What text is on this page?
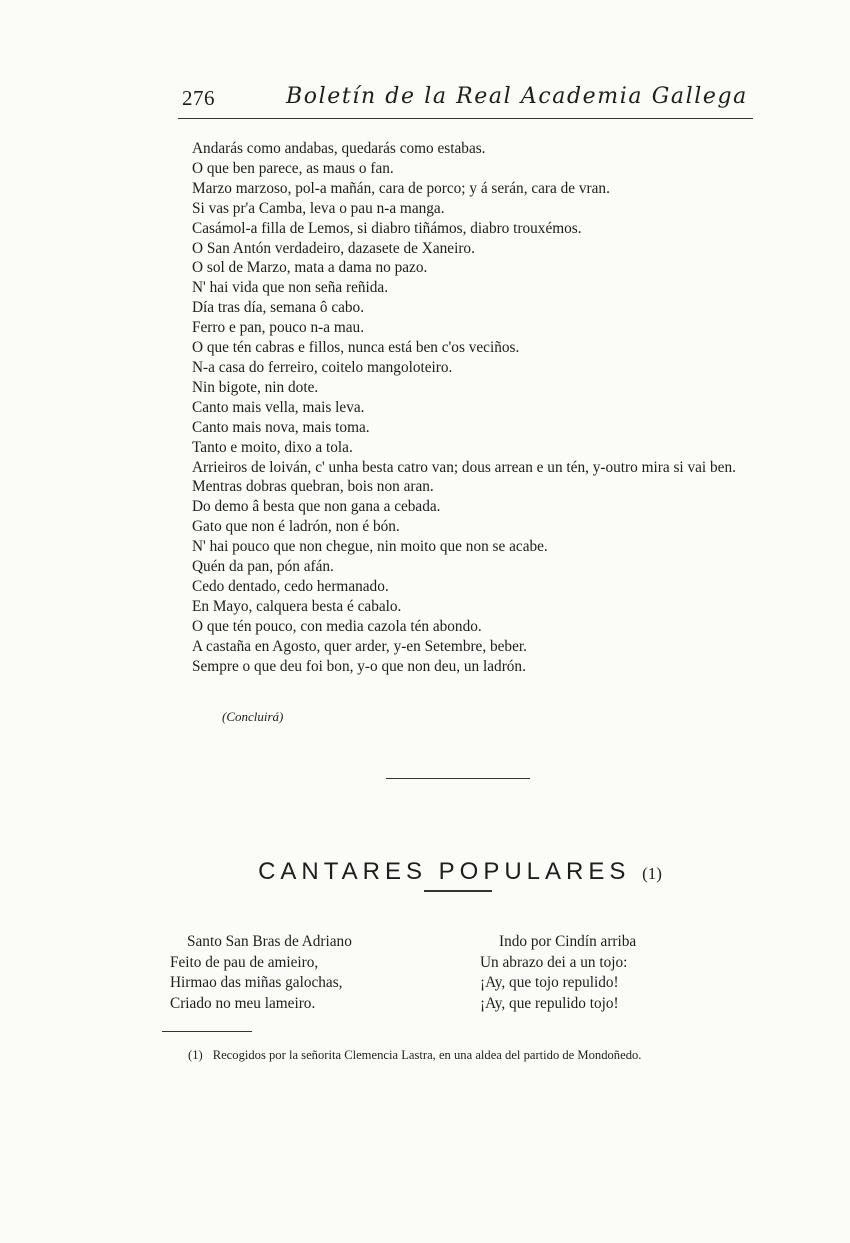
276	Boletín de la Real Academia Gallega
Andarás como andabas, quedarás como estabas.
O que ben parece, as maus o fan.
Marzo marzoso, pol-a mañán, cara de porco; y á serán, cara de vran.
Si vas pr'a Camba, leva o pau n-a manga.
Casámol-a filla de Lemos, si diabro tiñámos, diabro trouxémos.
O San Antón verdadeiro, dazasete de Xaneiro.
O sol de Marzo, mata a dama no pazo.
N' hai vida que non seña reñida.
Día tras día, semana ô cabo.
Ferro e pan, pouco n-a mau.
O que tén cabras e fillos, nunca está ben c'os veciños.
N-a casa do ferreiro, coitelo mangoloteiro.
Nin bigote, nin dote.
Canto mais vella, mais leva.
Canto mais nova, mais toma.
Tanto e moito, dixo a tola.
Arrieiros de loiván, c' unha besta catro van; dous arrean e un tén, y-outro mira si vai ben.
Mentras dobras quebran, bois non aran.
Do demo â besta que non gana a cebada.
Gato que non é ladrón, non é bón.
N' hai pouco que non chegue, nin moito que non se acabe.
Quén da pan, pón afán.
Cedo dentado, cedo hermanado.
En Mayo, calquera besta é cabalo.
O que tén pouco, con media cazola tén abondo.
A castaña en Agosto, quer arder, y-en Setembre, beber.
Sempre o que deu foi bon, y-o que non deu, un ladrón.
(Concluirá)
CANTARES POPULARES (1)
Santo San Bras de Adriano
Feito de pau de amieiro,
Hirmao das miñas galochas,
Criado no meu lameiro.
Indo por Cindín arriba
Un abrazo dei a un tojo:
¡Ay, que tojo repulido!
¡Ay, que repulido tojo!
(1) Recogidos por la señorita Clemencia Lastra, en una aldea del partido de Mondoñedo.
